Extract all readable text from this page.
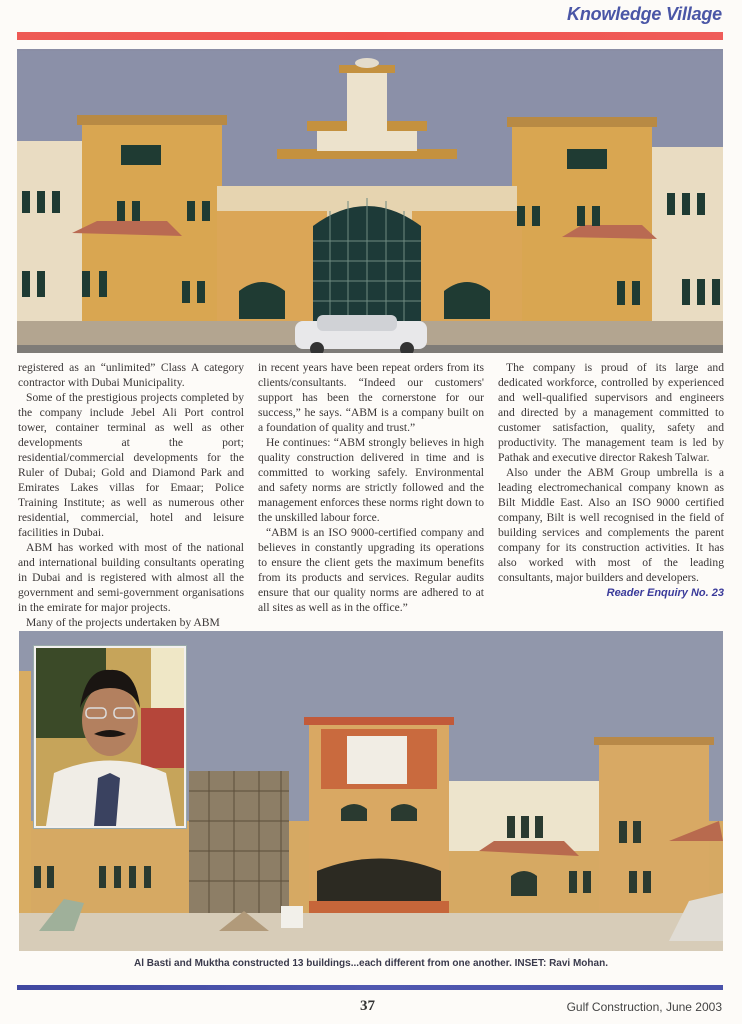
Knowledge Village

registered as an “unlimited” Class A category contractor with Dubai Municipality.

Some of the prestigious projects completed by the company include Jebel Ali Port control tower, container terminal as well as other developments at the port; residential/commercial developments for the Ruler of Dubai; Gold and Diamond Park and Emirates Lakes villas for Emaar; Police Training Institute; as well as numerous other residential, commercial, hotel and leisure facilities in Dubai.

ABM has worked with most of the national and international building consultants operating in Dubai and is registered with almost all the government and semi-government organisations in the emirate for major projects.

Many of the projects undertaken by ABM

in recent years have been repeat orders from its clients/consultants. “Indeed our customers' support has been the cornerstone for our success,” he says. “ABM is a company built on a foundation of quality and trust.”

He continues: “ABM strongly believes in high quality construction delivered in time and is committed to working safely. Environmental and safety norms are strictly followed and the management enforces these norms right down to the unskilled labour force.

“ABM is an ISO 9000-certified company and believes in constantly upgrading its operations to ensure the client gets the maximum benefits from its products and services. Regular audits ensure that our quality norms are adhered to at all sites as well as in the office.”

The company is proud of its large and dedicated workforce, controlled by experienced and well-qualified supervisors and engineers and directed by a management committed to customer satisfaction, quality, safety and productivity. The management team is led by Pathak and executive director Rakesh Talwar.

Also under the ABM Group umbrella is a leading electromechanical company known as Bilt Middle East. Also an ISO 9000 certified company, Bilt is well recognised in the field of building services and complements the parent company for its construction activities. It has also worked with most of the leading consultants, major builders and developers.

Reader Enquiry No. 23
Al Basti and Muktha constructed 13 buildings...each different from one another. INSET: Ravi Mohan.
37	Gulf Construction, June 2003
